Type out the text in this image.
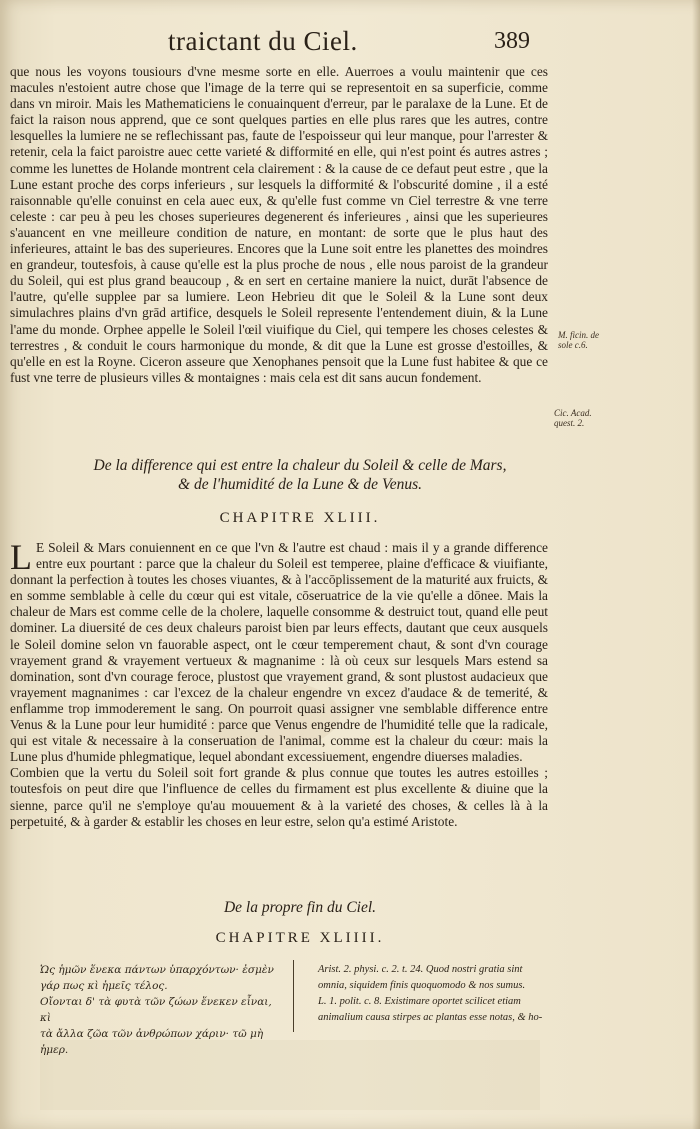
traictant du Ciel.	389

que nous les voyons tousiours d'vne mesme sorte en elle. Auerroes a voulu maintenir que ces macules n'estoient autre chose que l'image de la terre qui se representoit en sa superficie, comme dans vn miroir. Mais les Mathematiciens le conuainquent d'erreur, par le paralaxe de la Lune. Et de faict la raison nous apprend, que ce sont quelques parties en elle plus rares que les autres, contre lesquelles la lumiere ne se reflechissant pas, faute de l'espoisseur qui leur manque, pour l'arrester & retenir, cela la faict paroistre auec cette varieté & difformité en elle, qui n'est point és autres astres ; comme les lunettes de Holande montrent cela clairement : & la cause de ce defaut peut estre , que la Lune estant proche des corps inferieurs , sur lesquels la difformité & l'obscurité domine , il a esté raisonnable qu'elle conuinst en cela auec eux, & qu'elle fust comme vn Ciel terrestre & vne terre celeste : car peu à peu les choses superieures degenerent és inferieures , ainsi que les superieures s'auancent en vne meilleure condition de nature, en montant: de sorte que le plus haut des inferieures, attaint le bas des superieures. Encores que la Lune soit entre les planettes des moindres en grandeur, toutesfois, à cause qu'elle est la plus proche de nous , elle nous paroist de la grandeur du Soleil, qui est plus grand beaucoup , & en sert en certaine maniere la nuict, durāt l'absence de l'autre, qu'elle supplee par sa lumiere. Leon Hebrieu dit que le Soleil & la Lune sont deux simulachres plains d'vn grād artifice, desquels le Soleil represente l'entendement diuin, & la Lune l'ame du monde. Orphee appelle le Soleil l'œil viuifique du Ciel, qui tempere les choses celestes & terrestres , & conduit le cours harmonique du monde, & dit que la Lune est grosse d'estoilles, & qu'elle en est la Royne. Ciceron asseure que Xenophanes pensoit que la Lune fust habitee & que ce fust vne terre de plusieurs villes & montaignes : mais cela est dit sans aucun fondement.

M. ficin. de sole c.6.
Cic. Acad. quest. 2.
De la difference qui est entre la chaleur du Soleil & celle de Mars,
& de l'humidité de la Lune & de Venus.
CHAPITRE XLIII.

L E Soleil & Mars conuiennent en ce que l'vn & l'autre est chaud : mais il y a grande difference entre eux pourtant : parce que la chaleur du Soleil est temperee, plaine d'efficace & viuifiante, donnant la perfection à toutes les choses viuantes, & à l'accōplissement de la maturité aux fruicts, & en somme semblable à celle du cœur qui est vitale, cōseruatrice de la vie qu'elle a dōnee. Mais la chaleur de Mars est comme celle de la cholere, laquelle consomme & destruict tout, quand elle peut dominer. La diuersité de ces deux chaleurs paroist bien par leurs effects, dautant que ceux ausquels le Soleil domine selon vn fauorable aspect, ont le cœur temperement chaut, & sont d'vn courage vrayement grand & vrayement vertueux & magnanime : là où ceux sur lesquels Mars estend sa domination, sont d'vn courage feroce, plustost que vrayement grand, & sont plustost audacieux que vrayement magnanimes : car l'excez de la chaleur engendre vn excez d'audace & de temerité, & enflamme trop immoderement le sang. On pourroit quasi assigner vne semblable difference entre Venus & la Lune pour leur humidité : parce que Venus engendre de l'humidité telle que la radicale, qui est vitale & necessaire à la conseruation de l'animal, comme est la chaleur du cœur: mais la Lune plus d'humide phlegmatique, lequel abondant excessiuement, engendre diuerses maladies.

Combien que la vertu du Soleil soit fort grande & plus connue que toutes les autres estoilles ; toutesfois on peut dire que l'influence de celles du firmament est plus excellente & diuine que la sienne, parce qu'il ne s'employe qu'au mouuement & à la varieté des choses, & celles là à la perpetuité, & à garder & establir les choses en leur estre, selon qu'a estimé Aristote.

De la propre fin du Ciel.
CHAPITRE XLIIII.
Ὡς ἡμῶν ἕνεκα πάντων ὑπαρχόντων· ἐσμὲν
γάρ πως κὶ ἡμεῖς τέλος.
Οἴονται δ' τὰ φυτὰ τῶν ζώων ἕνεκεν εἶναι, κὶ
τὰ ἄλλα ζῶα τῶν ἀνθρώπων χάριν· τῶ μὴ ἡμερ.
Arist. 2. physi. c. 2. t. 24. Quod nostri gratia sint
omnia, siquidem finis quoquomodo & nos sumus.
L. 1. polit. c. 8. Existimare oportet scilicet etiam
animalium causa stirpes ac plantas esse notas, & ho-
